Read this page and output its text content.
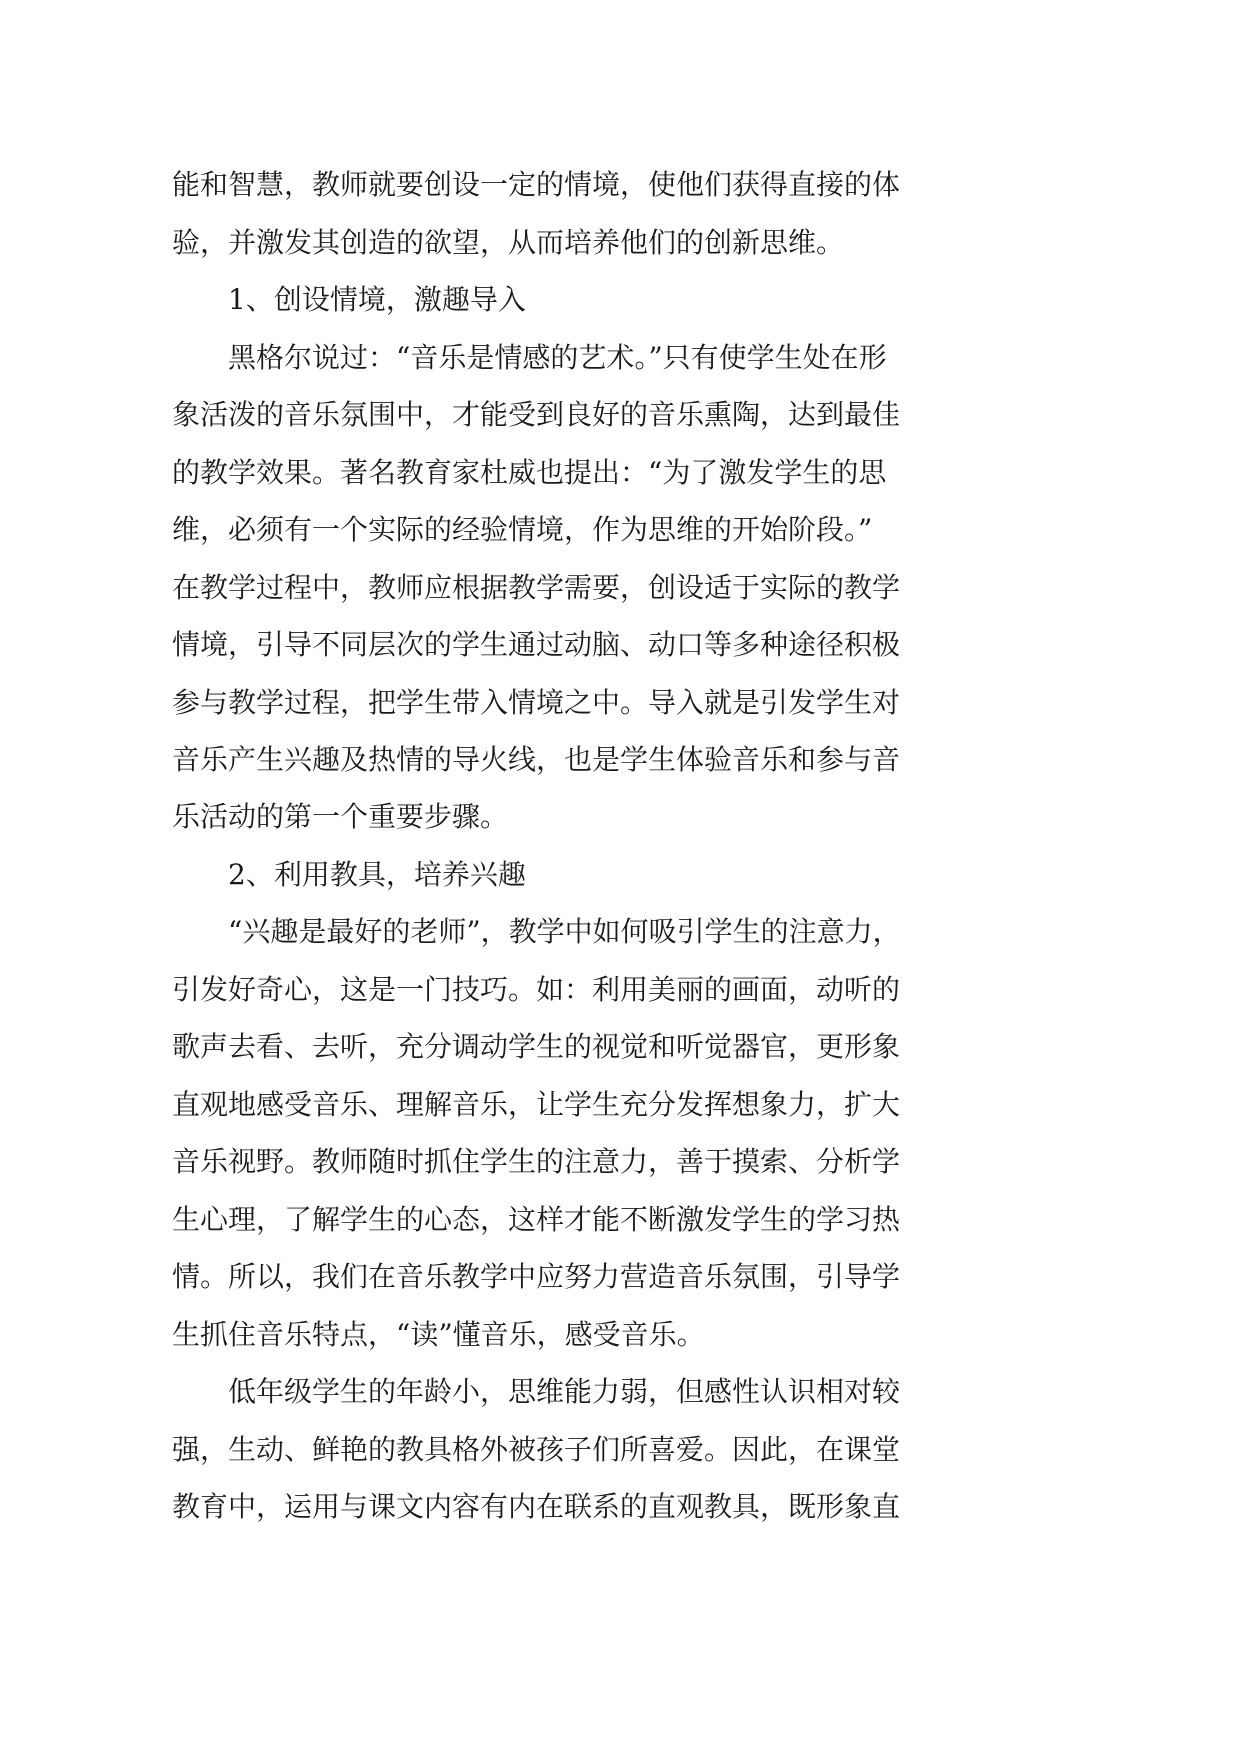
能和智慧，教师就要创设一定的情境，使他们获得直接的体
验，并激发其创造的欲望，从而培养他们的创新思维。
1、创设情境，激趣导入
黑格尔说过：“音乐是情感的艺术。”只有使学生处在形
象活泼的音乐氛围中，才能受到良好的音乐熏陶，达到最佳
的教学效果。著名教育家杜威也提出：“为了激发学生的思
维，必须有一个实际的经验情境，作为思维的开始阶段。”
在教学过程中，教师应根据教学需要，创设适于实际的教学
情境，引导不同层次的学生通过动脑、动口等多种途径积极
参与教学过程，把学生带入情境之中。导入就是引发学生对
音乐产生兴趣及热情的导火线，也是学生体验音乐和参与音
乐活动的第一个重要步骤。
2、利用教具，培养兴趣
“兴趣是最好的老师”，教学中如何吸引学生的注意力，
引发好奇心，这是一门技巧。如：利用美丽的画面，动听的
歌声去看、去听，充分调动学生的视觉和听觉器官，更形象
直观地感受音乐、理解音乐，让学生充分发挥想象力，扩大
音乐视野。教师随时抓住学生的注意力，善于摸索、分析学
生心理，了解学生的心态，这样才能不断激发学生的学习热
情。所以，我们在音乐教学中应努力营造音乐氛围，引导学
生抓住音乐特点，“读”懂音乐，感受音乐。
低年级学生的年龄小，思维能力弱，但感性认识相对较
强，生动、鲜艳的教具格外被孩子们所喜爱。因此，在课堂
教育中，运用与课文内容有内在联系的直观教具，既形象直
